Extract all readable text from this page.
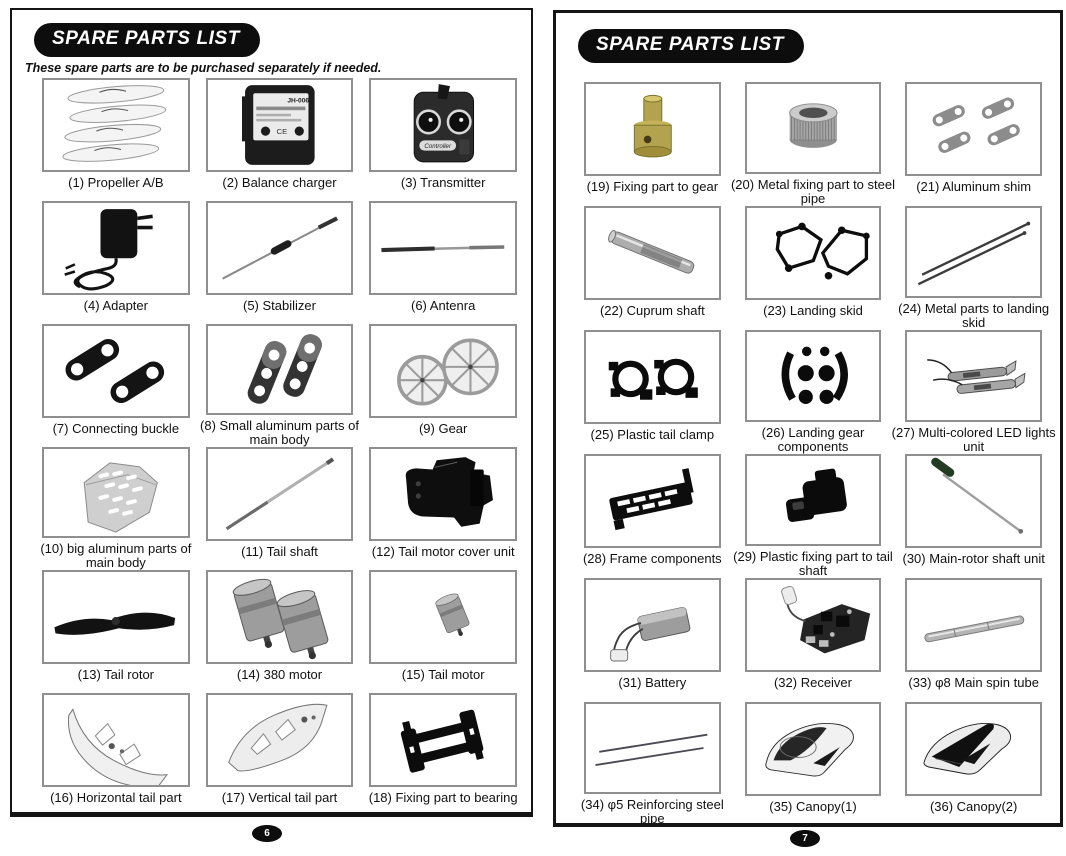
SPARE PARTS LIST

These spare parts are to be purchased separately if needed.

(1) Propeller A/B
JH-006
CE
(2) Balance charger
Controller
(3) Transmitter
(4) Adapter	(5) Stabilizer	(6) Antenra
(7) Connecting buckle	(8) Small aluminum parts of main body
(9) Gear
(10) big aluminum parts of main body
(11) Tail shaft	(12) Tail motor cover unit
(13) Tail rotor	(14) 380 motor	(15) Tail motor
(16) Horizontal tail part	(17) Vertical tail part	(18) Fixing part to bearing
SPARE PARTS LIST
(19) Fixing part to gear (20) Metal fixing part to steel pipe
(21) Aluminum shim
(22) Cuprum shaft	(23) Landing skid	(24) Metal parts to landing skid
(25) Plastic tail clamp	(26) Landing gear components
(27) Multi-colored LED lights unit
(28) Frame components (29) Plastic fixing part to tail shaft
(30) Main-rotor shaft unit
(31) Battery	(32) Receiver	(33) φ8 Main spin tube
(34) φ5 Reinforcing steel pipe
(35) Canopy(1)	(36) Canopy(2)
6	7
